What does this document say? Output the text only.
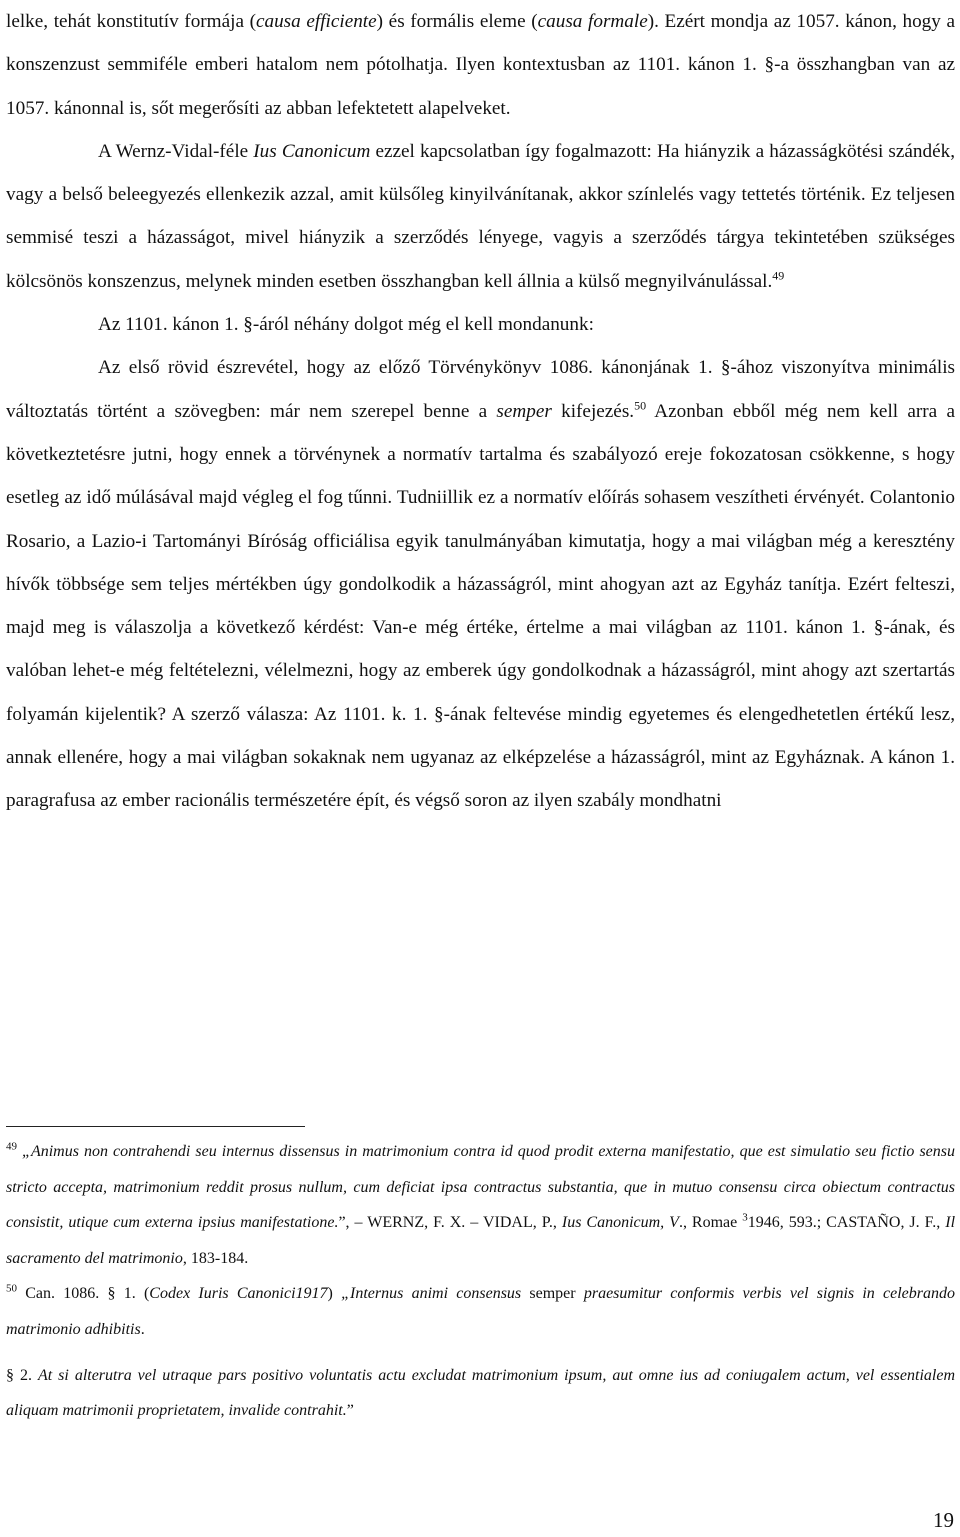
lelke, tehát konstitutív formája (causa efficiente) és formális eleme (causa formale). Ezért mondja az 1057. kánon, hogy a konszenzust semmiféle emberi hatalom nem pótolhatja. Ilyen kontextusban az 1101. kánon 1. §-a összhangban van az 1057. kánonnal is, sőt megerősíti az abban lefektetett alapelveket.

A Wernz-Vidal-féle Ius Canonicum ezzel kapcsolatban így fogalmazott: Ha hiányzik a házasságkötési szándék, vagy a belső beleegyezés ellenkezik azzal, amit külsőleg kinyilvánítanak, akkor színlelés vagy tettetés történik. Ez teljesen semmisé teszi a házasságot, mivel hiányzik a szerződés lényege, vagyis a szerződés tárgya tekintetében szükséges kölcsönös konszenzus, melynek minden esetben összhangban kell állnia a külső megnyilvánulással.$^{49}$

Az 1101. kánon 1. §-áról néhány dolgot még el kell mondanunk:

Az első rövid észrevétel, hogy az előző Törvénykönyv 1086. kánonjának 1. §-ához viszonyítva minimális változtatás történt a szövegben: már nem szerepel benne a semper kifejezés.$^{50}$ Azonban ebből még nem kell arra a következtetésre jutni, hogy ennek a törvénynek a normatív tartalma és szabályozó ereje fokozatosan csökkenne, s hogy esetleg az idő múlásával majd végleg el fog tűnni. Tudniillik ez a normatív előírás sohasem veszítheti érvényét. Colantonio Rosario, a Lazio-i Tartományi Bíróság officiálisa egyik tanulmányában kimutatja, hogy a mai világban még a keresztény hívők többsége sem teljes mértékben úgy gondolkodik a házasságról, mint ahogyan azt az Egyház tanítja. Ezért felteszi, majd meg is válaszolja a következő kérdést: Van-e még értéke, értelme a mai világban az 1101. kánon 1. §-ának, és valóban lehet-e még feltételezni, vélelmezni, hogy az emberek úgy gondolkodnak a házasságról, mint ahogy azt szertartás folyamán kijelentik? A szerző válasza: Az 1101. k. 1. §-ának feltevése mindig egyetemes és elengedhetetlen értékű lesz, annak ellenére, hogy a mai világban sokaknak nem ugyanaz az elképzelése a házasságról, mint az Egyháznak. A kánon 1. paragrafusa az ember racionális természetére épít, és végső soron az ilyen szabály mondhatni

$^{49}$ „Animus non contrahendi seu internus dissensus in matrimonium contra id quod prodit externa manifestatio, que est simulatio seu fictio sensu stricto accepta, matrimonium reddit prosus nullum, cum deficiat ipsa contractus substantia, que in mutuo consensu circa obiectum contractus consistit, utique cum externa ipsius manifestatione.”, – WERNZ, F. X. – VIDAL, P., Ius Canonicum, V., Romae $^3$1946, 593.; CASTAÑO, J. F., Il sacramento del matrimonio, 183-184.

$^{50}$ Can. 1086. § 1. (Codex Iuris Canonici1917) „Internus animi consensus semper praesumitur conformis verbis vel signis in celebrando matrimonio adhibitis.

§ 2. At si alterutra vel utraque pars positivo voluntatis actu excludat matrimonium ipsum, aut omne ius ad coniugalem actum, vel essentialem aliquam matrimonii proprietatem, invalide contrahit.”

19
